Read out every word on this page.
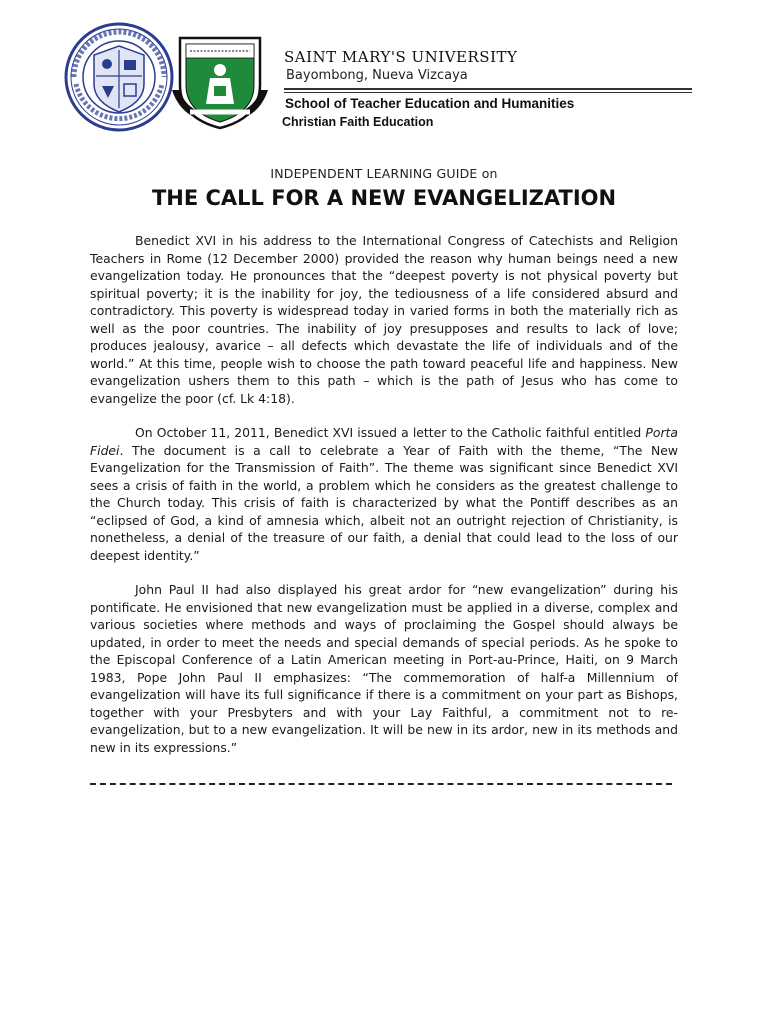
SAINT MARY'S UNIVERSITY
Bayombong, Nueva Vizcaya
School of Teacher Education and Humanities
Christian Faith Education
INDEPENDENT LEARNING GUIDE on
THE CALL FOR A NEW EVANGELIZATION

Benedict XVI in his address to the International Congress of Catechists and Religion Teachers in Rome (12 December 2000) provided the reason why human beings need a new evangelization today. He pronounces that the “deepest poverty is not physical poverty but spiritual poverty; it is the inability for joy, the tediousness of a life considered absurd and contradictory. This poverty is widespread today in varied forms in both the materially rich as well as the poor countries. The inability of joy presupposes and results to lack of love; produces jealousy, avarice – all defects which devastate the life of individuals and of the world.” At this time, people wish to choose the path toward peaceful life and happiness. New evangelization ushers them to this path – which is the path of Jesus who has come to evangelize the poor (cf. Lk 4:18).

On October 11, 2011, Benedict XVI issued a letter to the Catholic faithful entitled Porta Fidei. The document is a call to celebrate a Year of Faith with the theme, “The New Evangelization for the Transmission of Faith”. The theme was significant since Benedict XVI sees a crisis of faith in the world, a problem which he considers as the greatest challenge to the Church today. This crisis of faith is characterized by what the Pontiff describes as an “eclipsed of God, a kind of amnesia which, albeit not an outright rejection of Christianity, is nonetheless, a denial of the treasure of our faith, a denial that could lead to the loss of our deepest identity.”

John Paul II had also displayed his great ardor for “new evangelization” during his pontificate. He envisioned that new evangelization must be applied in a diverse, complex and various societies where methods and ways of proclaiming the Gospel should always be updated, in order to meet the needs and special demands of special periods. As he spoke to the Episcopal Conference of a Latin American meeting in Port-au-Prince, Haiti, on 9 March 1983, Pope John Paul II emphasizes: “The commemoration of half-a Millennium of evangelization will have its full significance if there is a commitment on your part as Bishops, together with your Presbyters and with your Lay Faithful, a commitment not to re-evangelization, but to a new evangelization. It will be new in its ardor, new in its methods and new in its expressions.”
